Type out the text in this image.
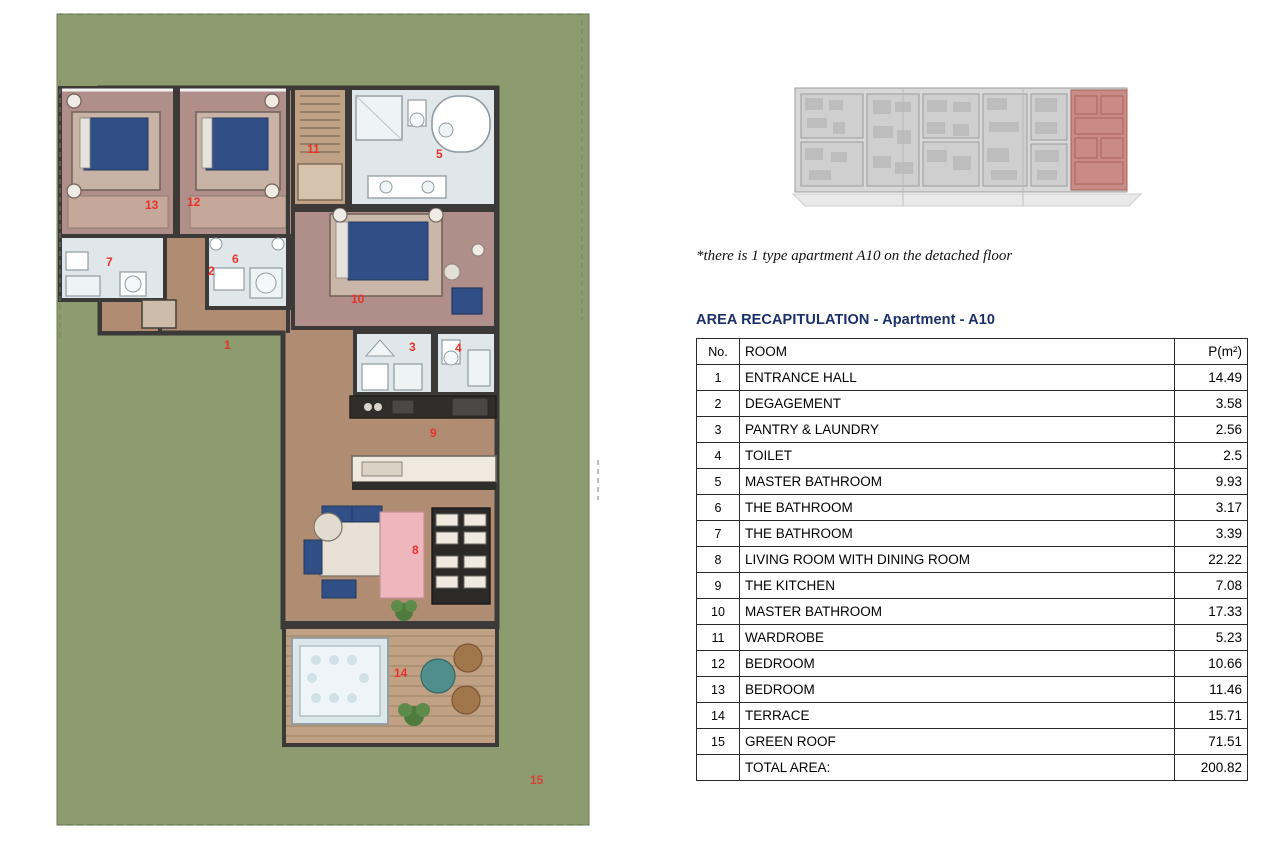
1
2
3	4
5
6
7
8
9
10
11
12
13
14
15
*there is 1 type apartment A10 on the detached floor
AREA RECAPITULATION - Apartment - A10
No.	ROOM	P(m²)
1	ENTRANCE HALL	14.49
2	DEGAGEMENT	3.58
3	PANTRY & LAUNDRY	2.56
4	TOILET	2.5
5	MASTER BATHROOM	9.93
6	THE BATHROOM	3.17
7	THE BATHROOM	3.39
8	LIVING ROOM WITH DINING ROOM	22.22
9	THE KITCHEN	7.08
10	MASTER BATHROOM	17.33
11	WARDROBE	5.23
12	BEDROOM	10.66
13	BEDROOM	11.46
14	TERRACE	15.71
15	GREEN ROOF	71.51
	TOTAL AREA:	200.82
